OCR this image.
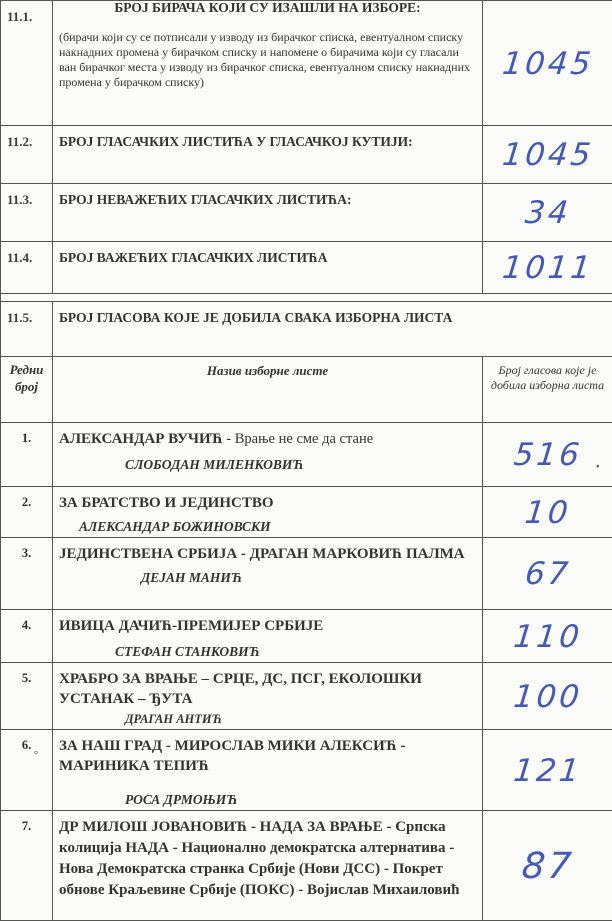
11.1.	БРОЈ БИРАЧА КОЈИ СУ ИЗАШЛИ НА ИЗБОРЕ:
(бирачи који су се потписали у изводу из бирачког списка, евентуалном списку накнадних промена у бирачком списку и напомене о бирачима који су гласали ван бирачког места у изводу из бирачког списка, евентуалном списку накнадних промена у бирачком списку)	1045
11.2.	БРОЈ ГЛАСАЧКИХ ЛИСТИЋА У ГЛАСАЧКОЈ КУТИЈИ:	1045
11.3.	БРОЈ НЕВАЖЕЋИХ ГЛАСАЧКИХ ЛИСТИЋА:	34
11.4.	БРОЈ ВАЖЕЋИХ ГЛАСАЧКИХ ЛИСТИЋА	1011

11.5.	БРОЈ ГЛАСОВА КОЈЕ ЈЕ ДОБИЛА СВАКА ИЗБОРНА ЛИСТА	
Редни број	Назив изборне листе	Број гласова које је добила изборна листа
1.	АЛЕКСАНДАР ВУЧИЋ - Врање не сме да стане
СЛОБОДАН МИЛЕНКОВИЋ	516
2.	ЗА БРАТСТВО И ЈЕДИНСТВО
АЛЕКСАНДАР БОЖИНОВСКИ	10
3.	ЈЕДИНСТВЕНА СРБИЈА - ДРАГАН МАРКОВИЋ ПАЛМА
ДЕЈАН МАНИЋ	67
4.	ИВИЦА ДАЧИЋ-ПРЕМИЈЕР СРБИЈЕ
СТЕФАН СТАНКОВИЋ	110
5.	ХРАБРО ЗА ВРАЊЕ – СРЦЕ, ДС, ПСГ, ЕКОЛОШКИ УСТАНАК – ЂУТА
ДРАГАН АНТИЋ	100
6.	ЗА НАШ ГРАД - МИРОСЛАВ МИКИ АЛЕКСИЋ - МАРИНИКА ТЕПИЋ
РОСА ДРМОЊИЋ	121
7.	ДР МИЛОШ ЈОВАНОВИЋ - НАДА ЗА ВРАЊЕ - Српска колиција НАДА - Национално демократска алтернатива - Нова Демократска странка Србије (Нови ДСС) - Покрет обнове Краљевине Србије (ПОКС) - Војислав Михаиловић	87
•
°
